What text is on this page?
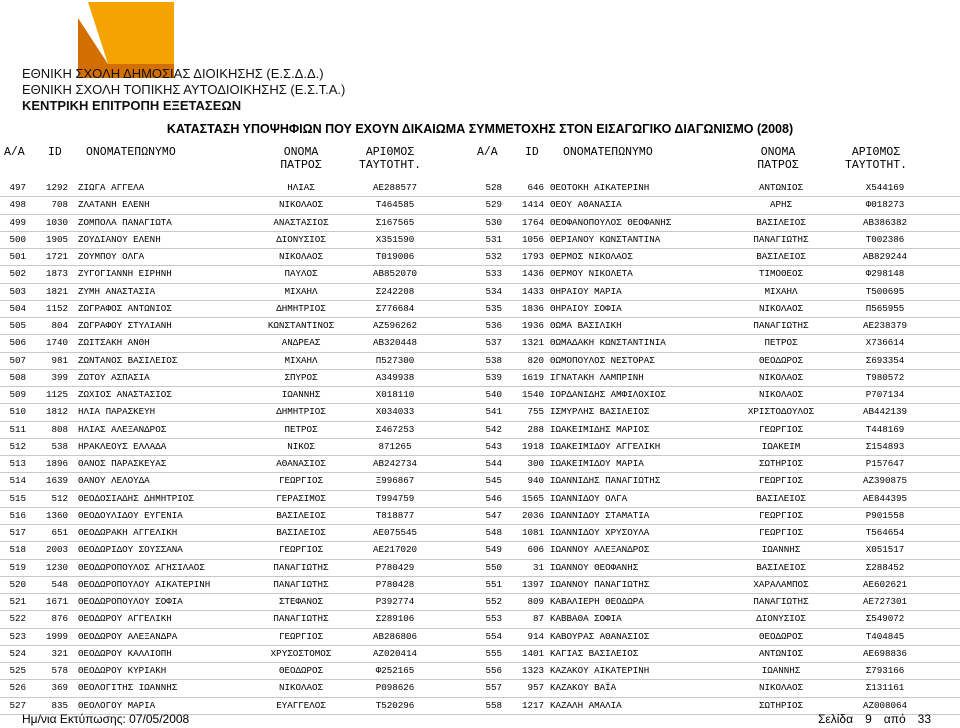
ΕΘΝΙΚΟ
ΚΕΝΤΡΟ
ΔΗΜΟΣΙΑΣ
ΔΙΟΙΚΗΣΗΣ &
ΑΥΤΟΔΙΟΙΚΗΣΗΣ
ΕΘΝΙΚΗ ΣΧΟΛΗ ΔΗΜΟΣΙΑΣ ΔΙΟΙΚΗΣΗΣ (Ε.Σ.Δ.Δ.)
ΕΘΝΙΚΗ ΣΧΟΛΗ ΤΟΠΙΚΗΣ ΑΥΤΟΔΙΟΙΚΗΣΗΣ (Ε.Σ.Τ.Α.)
ΚΕΝΤΡΙΚΗ ΕΠΙΤΡΟΠΗ ΕΞΕΤΑΣΕΩΝ
ΚΑΤΑΣΤΑΣΗ ΥΠΟΨΗΦΙΩΝ ΠΟΥ ΕΧΟΥΝ ΔΙΚΑΙΩΜΑ ΣΥΜΜΕΤΟΧΗΣ ΣΤΟΝ ΕΙΣΑΓΩΓΙΚΟ ΔΙΑΓΩΝΙΣΜΟ (2008)
Α/Α ID ΟΝΟΜΑΤΕΠΩΝΥΜΟ	ΟΝΟΜΑ
ΠΑΤΡΟΣ
ΑΡΙΘΜΟΣ
ΤΑΥΤΟΤΗΤ.
Α/Α ID ΟΝΟΜΑΤΕΠΩΝΥΜΟ	ΟΝΟΜΑ
ΠΑΤΡΟΣ
ΑΡΙΘΜΟΣ
ΤΑΥΤΟΤΗΤ.
497	1292 ΖΙΩΓΑ ΑΓΓΕΛΑ	ΗΛΙΑΣ	ΑΕ288577
498	708 ΖΛΑΤΑΝΗ ΕΛΕΝΗ	ΝΙΚΟΛΑΟΣ	Τ464585
499	1030 ΖΟΜΠΟΛΑ ΠΑΝΑΓΙΩΤΑ	ΑΝΑΣΤΑΣΙΟΣ	Σ167565
500	1905 ΖΟΥΔΙΑΝΟΥ ΕΛΕΝΗ	ΔΙΟΝΥΣΙΟΣ	Χ351590
501	1721 ΖΟΥΜΠΟΥ ΟΛΓΑ	ΝΙΚΟΛΑΟΣ	Τ019006
502	1873 ΖΥΓΟΓΙΑΝΝΗ ΕΙΡΗΝΗ	ΠΑΥΛΟΣ	ΑΒ852070
503	1821 ΖΥΜΗ ΑΝΑΣΤΑΣΙΑ	ΜΙΧΑΗΛ	Σ242208
504	1152 ΖΩΓΡΑΦΟΣ ΑΝΤΩΝΙΟΣ	ΔΗΜΗΤΡΙΟΣ	Σ776684
505	804 ΖΩΓΡΑΦΟΥ ΣΤΥΛΙΑΝΗ	ΚΩΝΣΤΑΝΤΙΝΟΣ	ΑΖ596262
506	1740 ΖΩΙΤΣΑΚΗ ΑΝΘΗ	ΑΝΔΡΕΑΣ	ΑΒ320448
507	981 ΖΩΝΤΑΝΟΣ ΒΑΣΙΛΕΙΟΣ	ΜΙΧΑΗΛ	Π527300
508	399 ΖΩΤΟΥ ΑΣΠΑΣΙΑ	ΣΠΥΡΟΣ	Α349938
509	1125 ΖΩΧΙΟΣ ΑΝΑΣΤΑΣΙΟΣ	ΙΩΑΝΝΗΣ	Χ018110
510	1812 ΗΛΙΑ ΠΑΡΑΣΚΕΥΗ	ΔΗΜΗΤΡΙΟΣ	Χ034033
511	808 ΗΛΙΑΣ ΑΛΕΞΑΝΔΡΟΣ	ΠΕΤΡΟΣ	Σ467253
512	538 ΗΡΑΚΛΕΟΥΣ ΕΛΛΑΔΑ	ΝΙΚΟΣ	871265
513	1896 ΘΑΝΟΣ ΠΑΡΑΣΚΕΥΑΣ	ΑΘΑΝΑΣΙΟΣ	ΑΒ242734
514	1639 ΘΑΝΟΥ ΛΕΛΟΥΔΑ	ΓΕΩΡΓΙΟΣ	Ξ996867
515	512 ΘΕΟΔΟΣΙΑΔΗΣ ΔΗΜΗΤΡΙΟΣ	ΓΕΡΑΣΙΜΟΣ	Τ994759
516	1360 ΘΕΟΔΟΥΛΙΔΟΥ ΕΥΓΕΝΙΑ	ΒΑΣΙΛΕΙΟΣ	Τ818877
517	651 ΘΕΟΔΩΡΑΚΗ ΑΓΓΕΛΙΚΗ	ΒΑΣΙΛΕΙΟΣ	ΑΕ075545
518	2003 ΘΕΟΔΩΡΙΔΟΥ ΣΟΥΣΣΑΝΑ	ΓΕΩΡΓΙΟΣ	ΑΕ217020
519	1230 ΘΕΟΔΩΡΟΠΟΥΛΟΣ ΑΓΗΣΙΛΑΟΣ	ΠΑΝΑΓΙΩΤΗΣ	Ρ780429
520	548 ΘΕΟΔΩΡΟΠΟΥΛΟΥ ΑΙΚΑΤΕΡΙΝΗ	ΠΑΝΑΓΙΩΤΗΣ	Ρ780428
521	1671 ΘΕΟΔΩΡΟΠΟΥΛΟΥ ΣΟΦΙΑ	ΣΤΕΦΑΝΟΣ	Ρ392774
522	876 ΘΕΟΔΩΡΟΥ ΑΓΓΕΛΙΚΗ	ΠΑΝΑΓΙΩΤΗΣ	Σ289106
523	1999 ΘΕΟΔΩΡΟΥ ΑΛΕΞΑΝΔΡΑ	ΓΕΩΡΓΙΟΣ	ΑΒ286806
524	321 ΘΕΟΔΩΡΟΥ ΚΑΛΛΙΟΠΗ	ΧΡΥΣΟΣΤΟΜΟΣ	ΑΖ020414
525	578 ΘΕΟΔΩΡΟΥ ΚΥΡΙΑΚΗ	ΘΕΟΔΩΡΟΣ	Φ252165
526	369 ΘΕΟΛΟΓΙΤΗΣ ΙΩΑΝΝΗΣ	ΝΙΚΟΛΑΟΣ	Ρ098626
527	835 ΘΕΟΛΟΓΟΥ ΜΑΡΙΑ	ΕΥΑΓΓΕΛΟΣ	Τ520296
528	646 ΘΕΟΤΟΚΗ ΑΙΚΑΤΕΡΙΝΗ	ΑΝΤΩΝΙΟΣ	Χ544169
529	1414 ΘΕΟΥ ΑΘΑΝΑΣΙΑ	ΑΡΗΣ	Φ018273
530	1764 ΘΕΟΦΑΝΟΠΟΥΛΟΣ ΘΕΟΦΑΝΗΣ	ΒΑΣΙΛΕΙΟΣ	ΑΒ386382
531	1056 ΘΕΡΙΑΝΟΥ ΚΩΝΣΤΑΝΤΙΝΑ	ΠΑΝΑΓΙΩΤΗΣ	Τ002386
532	1793 ΘΕΡΜΟΣ ΝΙΚΟΛΑΟΣ	ΒΑΣΙΛΕΙΟΣ	ΑΒ829244
533	1436 ΘΕΡΜΟΥ ΝΙΚΟΛΕΤΑ	ΤΙΜΟΘΕΟΣ	Φ298148
534	1433 ΘΗΡΑΙΟΥ ΜΑΡΙΑ	ΜΙΧΑΗΛ	Τ500695
535	1836 ΘΗΡΑΙΟΥ ΣΟΦΙΑ	ΝΙΚΟΛΑΟΣ	Π565955
536	1936 ΘΩΜΑ ΒΑΣΙΛΙΚΗ	ΠΑΝΑΓΙΩΤΗΣ	ΑΕ238379
537	1321 ΘΩΜΑΔΑΚΗ ΚΩΝΣΤΑΝΤΙΝΙΑ	ΠΕΤΡΟΣ	Χ736614
538	820 ΘΩΜΟΠΟΥΛΟΣ ΝΕΣΤΟΡΑΣ	ΘΕΟΔΩΡΟΣ	Σ693354
539	1619 ΙΓΝΑΤΑΚΗ ΛΑΜΠΡΙΝΗ	ΝΙΚΟΛΑΟΣ	Τ980572
540	1540 ΙΟΡΔΑΝΙΔΗΣ ΑΜΦΙΛΟΧΙΟΣ	ΝΙΚΟΛΑΟΣ	Ρ707134
541	755 ΙΣΜΥΡΛΗΣ ΒΑΣΙΛΕΙΟΣ	ΧΡΙΣΤΟΔΟΥΛΟΣ	ΑΒ442139
542	288 ΙΩΑΚΕΙΜΙΔΗΣ ΜΑΡΙΟΣ	ΓΕΩΡΓΙΟΣ	Τ448169
543	1918 ΙΩΑΚΕΙΜΙΔΟΥ ΑΓΓΕΛΙΚΗ	ΙΩΑΚΕΙΜ	Σ154893
544	300 ΙΩΑΚΕΙΜΙΔΟΥ ΜΑΡΙΑ	ΣΩΤΗΡΙΟΣ	Ρ157647
545	940 ΙΩΑΝΝΙΔΗΣ ΠΑΝΑΓΙΩΤΗΣ	ΓΕΩΡΓΙΟΣ	ΑΖ390875
546	1565 ΙΩΑΝΝΙΔΟΥ ΟΛΓΑ	ΒΑΣΙΛΕΙΟΣ	ΑΕ844395
547	2036 ΙΩΑΝΝΙΔΟΥ ΣΤΑΜΑΤΙΑ	ΓΕΩΡΓΙΟΣ	Ρ901558
548	1081 ΙΩΑΝΝΙΔΟΥ ΧΡΥΣΟΥΛΑ	ΓΕΩΡΓΙΟΣ	Τ564654
549	606 ΙΩΑΝΝΟΥ ΑΛΕΞΑΝΔΡΟΣ	ΙΩΑΝΝΗΣ	Χ051517
550	31 ΙΩΑΝΝΟΥ ΘΕΟΦΑΝΗΣ	ΒΑΣΙΛΕΙΟΣ	Σ288452
551	1397 ΙΩΑΝΝΟΥ ΠΑΝΑΓΙΩΤΗΣ	ΧΑΡΑΛΑΜΠΟΣ	ΑΕ602621
552	809 ΚΑΒΑΛΙΕΡΗ ΘΕΟΔΩΡΑ	ΠΑΝΑΓΙΩΤΗΣ	ΑΕ727301
553	87 ΚΑΒΒΑΘΑ ΣΟΦΙΑ	ΔΙΟΝΥΣΙΟΣ	Σ549072
554	914 ΚΑΒΟΥΡΑΣ ΑΘΑΝΑΣΙΟΣ	ΘΕΟΔΩΡΟΣ	Τ404845
555	1401 ΚΑΓΙΑΣ ΒΑΣΙΛΕΙΟΣ	ΑΝΤΩΝΙΟΣ	ΑΕ698836
556	1323 ΚΑΖΑΚΟΥ ΑΙΚΑΤΕΡΙΝΗ	ΙΩΑΝΝΗΣ	Σ793166
557	957 ΚΑΖΑΚΟΥ ΒΑΪΑ	ΝΙΚΟΛΑΟΣ	Σ131161
558	1217 ΚΑΖΑΛΗ ΑΜΑΛΙΑ	ΣΩΤΗΡΙΟΣ	ΑΖ008064
Ημ/νια Εκτύπωσης: 07/05/2008	Σελίδα 9 από 33
